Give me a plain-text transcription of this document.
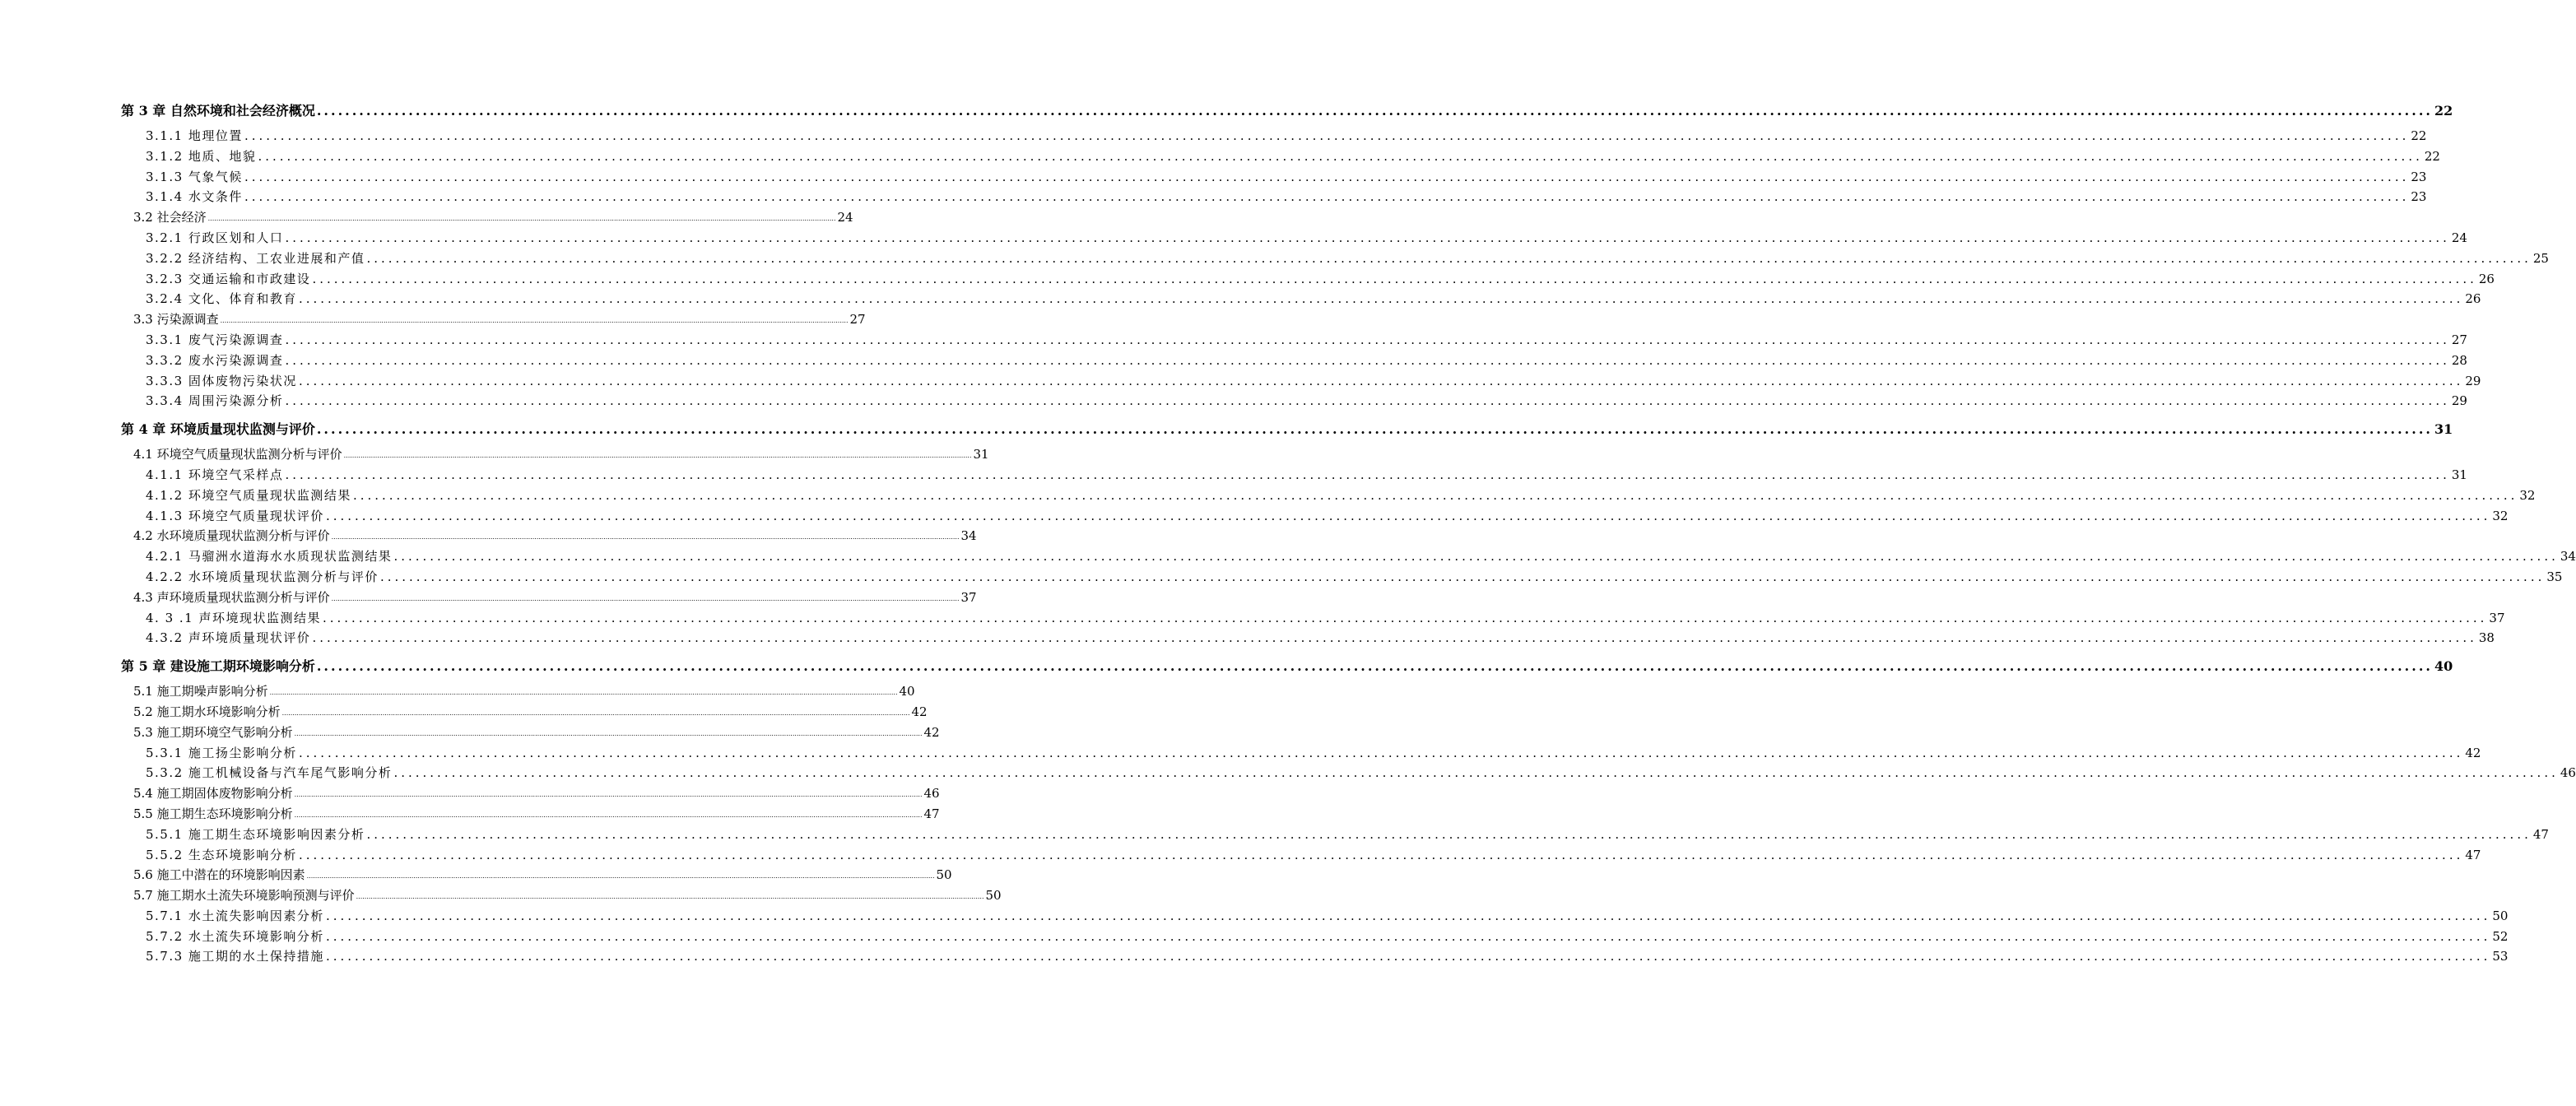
第 3 章 自然环境和社会经济概况 ............................................................................................................................................................................................................................................................................................................ 22
3.1.1 地理位置 ............................................................................................................................................................................................................................................................................................................ 22
3.1.2 地质、地貌 ............................................................................................................................................................................................................................................................................................................ 22
3.1.3 气象气候 ............................................................................................................................................................................................................................................................................................................ 23
3.1.4 水文条件 ............................................................................................................................................................................................................................................................................................................ 23
3.2 社会经济 ............................................................................................................................................................................................................................................................................................................ 24
3.2.1 行政区划和人口 ............................................................................................................................................................................................................................................................................................................ 24
3.2.2 经济结构、工农业进展和产值 ............................................................................................................................................................................................................................................................................................................ 25
3.2.3 交通运输和市政建设 ............................................................................................................................................................................................................................................................................................................ 26
3.2.4 文化、体育和教育 ............................................................................................................................................................................................................................................................................................................ 26
3.3 污染源调查 ............................................................................................................................................................................................................................................................................................................ 27
3.3.1 废气污染源调查 ............................................................................................................................................................................................................................................................................................................ 27
3.3.2 废水污染源调查 ............................................................................................................................................................................................................................................................................................................ 28
3.3.3 固体废物污染状况 ............................................................................................................................................................................................................................................................................................................ 29
3.3.4 周围污染源分析 ............................................................................................................................................................................................................................................................................................................ 29
第 4 章 环境质量现状监测与评价 ............................................................................................................................................................................................................................................................................................................ 31
4.1 环境空气质量现状监测分析与评价 ............................................................................................................................................................................................................................................................................................................ 31
4.1.1 环境空气采样点 ............................................................................................................................................................................................................................................................................................................ 31
4.1.2 环境空气质量现状监测结果 ............................................................................................................................................................................................................................................................................................................ 32
4.1.3 环境空气质量现状评价 ............................................................................................................................................................................................................................................................................................................ 32
4.2 水环境质量现状监测分析与评价 ............................................................................................................................................................................................................................................................................................................ 34
4.2.1 马骝洲水道海水水质现状监测结果 ............................................................................................................................................................................................................................................................................................................ 34
4.2.2 水环境质量现状监测分析与评价 ............................................................................................................................................................................................................................................................................................................ 35
4.3 声环境质量现状监测分析与评价 ............................................................................................................................................................................................................................................................................................................ 37
4. 3 .1 声环境现状监测结果 ............................................................................................................................................................................................................................................................................................................ 37
4.3.2 声环境质量现状评价 ............................................................................................................................................................................................................................................................................................................ 38
第 5 章 建设施工期环境影响分析 ............................................................................................................................................................................................................................................................................................................ 40
5.1 施工期噪声影响分析 ............................................................................................................................................................................................................................................................................................................ 40
5.2 施工期水环境影响分析 ............................................................................................................................................................................................................................................................................................................ 42
5.3 施工期环境空气影响分析 ............................................................................................................................................................................................................................................................................................................ 42
5.3.1 施工扬尘影响分析 ............................................................................................................................................................................................................................................................................................................ 42
5.3.2 施工机械设备与汽车尾气影响分析 ............................................................................................................................................................................................................................................................................................................ 46
5.4 施工期固体废物影响分析 ............................................................................................................................................................................................................................................................................................................ 46
5.5 施工期生态环境影响分析 ............................................................................................................................................................................................................................................................................................................ 47
5.5.1 施工期生态环境影响因素分析 ............................................................................................................................................................................................................................................................................................................ 47
5.5.2 生态环境影响分析 ............................................................................................................................................................................................................................................................................................................ 47
5.6 施工中潜在的环境影响因素 ............................................................................................................................................................................................................................................................................................................ 50
5.7 施工期水土流失环境影响预测与评价 ............................................................................................................................................................................................................................................................................................................ 50
5.7.1 水土流失影响因素分析 ............................................................................................................................................................................................................................................................................................................ 50
5.7.2 水土流失环境影响分析 ............................................................................................................................................................................................................................................................................................................ 52
5.7.3 施工期的水土保持措施 ............................................................................................................................................................................................................................................................................................................ 53
